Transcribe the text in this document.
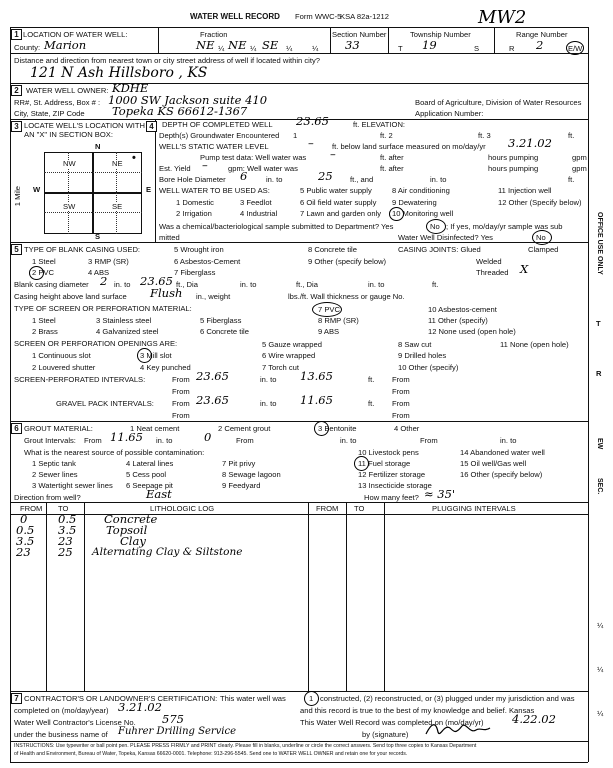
WATER WELL RECORD Form WWC-5
KSA 82a-1212	MW2
1 LOCATION OF WATER WELL:
County: Marion
Fraction
NE ¼ NE ¼ SE ¼	¼
Section Number
33
Township Number
T 19	S
Range Number
R 2	E/W
Distance and direction from nearest town or city street address of well if located within city?
121 N Ash Hillsboro , KS
2 WATER WELL OWNER: KDHE
RR#, St. Address, Box # : 1000 SW Jackson suite 410	Board of Agriculture, Division of Water Resources
City, State, ZIP Code Topeka KS 66612-1367	Application Number:
3 LOCATE WELL'S LOCATION WITH
AN "X" IN SECTION BOX:
4
N
S
W	E
1 Mile
NW	NE
SW	SE
•
DEPTH OF COMPLETED WELL 23.65	ft. ELEVATION:
Depth(s) Groundwater Encountered 1	ft. 2	ft. 3	ft.
WELL'S STATIC WATER LEVEL	– ft. below land surface measured on mo/day/yr 3.21.02
Pump test data: Well water was –	ft. after	hours pumping	gpm
Est. Yield –	gpm: Well water was	ft. after	hours pumping	gpm
Bore Hole Diameter 6 in. to	25 ft., and	in. to	ft.
WELL WATER TO BE USED AS:
1 Domestic
2 Irrigation
3 Feedlot
4 Industrial
5 Public water supply
6 Oil field water supply
7 Lawn and garden only
8 Air conditioning
9 Dewatering
10 Monitoring well
11 Injection well
12 Other (Specify below)
Was a chemical/bacteriological sample submitted to Department? Yes	No ; If yes, mo/day/yr sample was sub
mitted	Water Well Disinfected? Yes	No
5 TYPE OF BLANK CASING USED:
1 Steel
2 PVC
3 RMP (SR)
4 ABS
5 Wrought iron
6 Asbestos-Cement
7 Fiberglass
8 Concrete tile
9 Other (specify below)
CASING JOINTS: Glued	Clamped
Welded
Threaded X
Blank casing diameter 2 in. to 23.65 ft., Dia	in. to	ft., Dia	in. to	ft.
Casing height above land surface Flush in., weight	lbs./ft. Wall thickness or gauge No.
TYPE OF SCREEN OR PERFORATION MATERIAL:
1 Steel
2 Brass
3 Stainless steel
4 Galvanized steel
5 Fiberglass
6 Concrete tile
7 PVC
8 RMP (SR)
9 ABS
10 Asbestos-cement
11 Other (specify)
12 None used (open hole)
SCREEN OR PERFORATION OPENINGS ARE:
1 Continuous slot
2 Louvered shutter
3 Mill slot
4 Key punched
5 Gauze wrapped
6 Wire wrapped
7 Torch cut
8 Saw cut
9 Drilled holes
10 Other (specify)
11 None (open hole)
SCREEN-PERFORATED INTERVALS:	From 23.65	in. to 13.65	ft. From
From	From
GRAVEL PACK INTERVALS: From 23.65	in. to 11.65	ft. From
From	From
6 GROUT MATERIAL:	1 Neat cement	2 Cement grout	3 Bentonite	4 Other
Grout Intervals: From 11.65 in. to	0	From	in. to	From	in. to
What is the nearest source of possible contamination:
1 Septic tank
2 Sewer lines
3 Watertight sewer lines
4 Lateral lines
5 Cess pool
6 Seepage pit
7 Pit privy
8 Sewage lagoon
9 Feedyard
10 Livestock pens
11 Fuel storage
12 Fertilizer storage
13 Insecticide storage
14 Abandoned water well
15 Oil well/Gas well
16 Other (specify below)
Direction from well?	East	How many feet? ≈ 35'
FROM TO	LITHOLOGIC LOG	FROM TO	PLUGGING INTERVALS
0	0.5 Concrete
0.5 3.5	Topsoil
3.5 23	Clay
23 25 Alternating Clay & Siltstone
7 CONTRACTOR'S OR LANDOWNER'S CERTIFICATION: This water well was	1 constructed, (2) reconstructed, or (3) plugged under my jurisdiction and was
completed on (mo/day/year) 3.21.02	and this record is true to the best of my knowledge and belief. Kansas
Water Well Contractor's License No. 575	This Water Well Record was completed on (mo/day/yr) 4.22.02
under the business name of Fuhrer Drilling Service	by (signature)
INSTRUCTIONS: Use typewriter or ball point pen. PLEASE PRESS FIRMLY and PRINT clearly. Please fill in blanks, underline or circle the correct answers. Send top three copies to Kansas Department
of Health and Environment, Bureau of Water, Topeka, Kansas 66620-0001. Telephone: 913-296-5545. Send one to WATER WELL OWNER and retain one for your records.
OFFICE USE ONLY
T
R
EW
SEC.
¼
¼
¼
